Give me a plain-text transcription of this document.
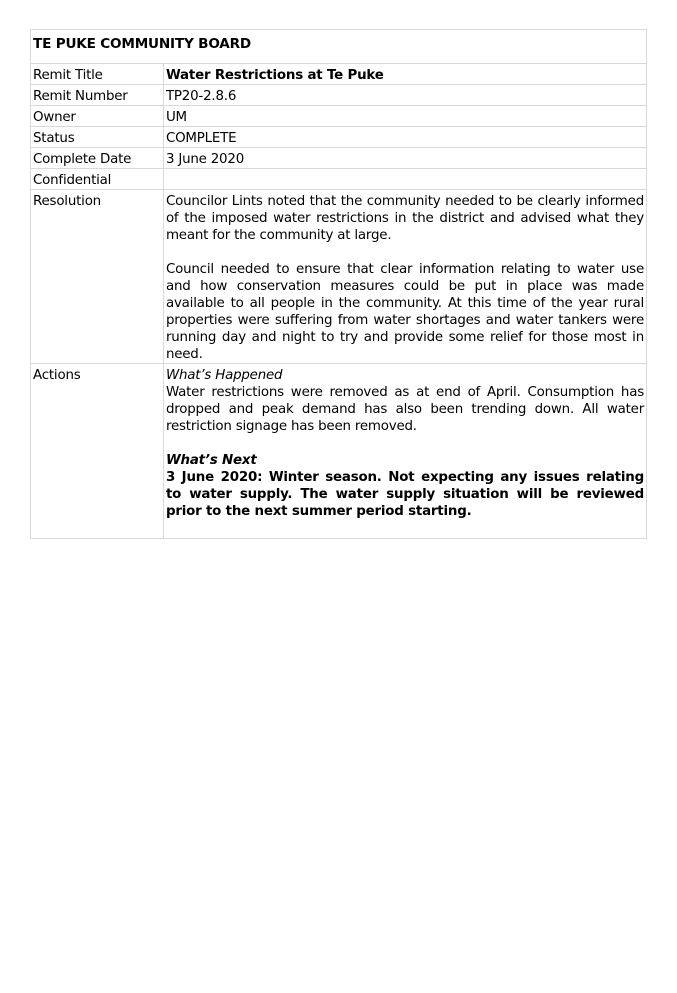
TE PUKE COMMUNITY BOARD	
Remit Title	Water Restrictions at Te Puke
Remit Number	TP20-2.8.6
Owner	UM
Status	COMPLETE
Complete Date	3 June 2020
Confidential	
Resolution	Councilor Lints noted that the community needed to be clearly informed of the imposed water restrictions in the district and advised what they meant for the community at large.

Council needed to ensure that clear information relating to water use and how conservation measures could be put in place was made available to all people in the community. At this time of the year rural properties were suffering from water shortages and water tankers were running day and night to try and provide some relief for those most in need.

Actions	What’s Happened

Water restrictions were removed as at end of April. Consumption has dropped and peak demand has also been trending down. All water restriction signage has been removed.

What’s Next

3 June 2020: Winter season. Not expecting any issues relating to water supply. The water supply situation will be reviewed prior to the next summer period starting.
